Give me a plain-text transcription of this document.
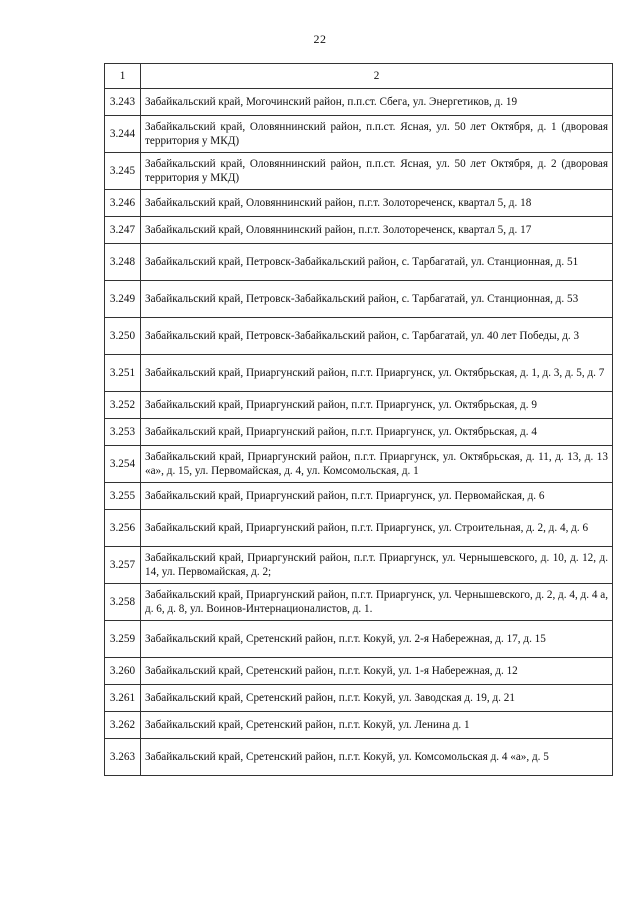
22
1	2
3.243	Забайкальский край, Могочинский район, п.п.ст. Сбега, ул. Энергетиков, д. 19
3.244	Забайкальский край, Оловяннинский район, п.п.ст. Ясная, ул. 50 лет Октября, д. 1 (дворовая территория у МКД)
3.245	Забайкальский край, Оловяннинский район, п.п.ст. Ясная, ул. 50 лет Октября, д. 2 (дворовая территория у МКД)
3.246	Забайкальский край, Оловяннинский район, п.г.т. Золотореченск, квартал 5, д. 18
3.247	Забайкальский край, Оловяннинский район, п.г.т. Золотореченск, квартал 5, д. 17
3.248	Забайкальский край, Петровск-Забайкальский район, с. Тарбагатай, ул. Станционная, д. 51
3.249	Забайкальский край, Петровск-Забайкальский район, с. Тарбагатай, ул. Станционная, д. 53
3.250	Забайкальский край, Петровск-Забайкальский район, с. Тарбагатай, ул. 40 лет Победы, д. 3
3.251	Забайкальский край, Приаргунский район, п.г.т. Приаргунск, ул. Октябрьская, д. 1, д. 3, д. 5, д. 7
3.252	Забайкальский край, Приаргунский район, п.г.т. Приаргунск, ул. Октябрьская, д. 9
3.253	Забайкальский край, Приаргунский район, п.г.т. Приаргунск, ул. Октябрьская, д. 4
3.254	Забайкальский край, Приаргунский район, п.г.т. Приаргунск, ул. Октябрьская, д. 11, д. 13, д. 13 «а», д. 15, ул. Первомайская, д. 4, ул. Комсомольская, д. 1
3.255	Забайкальский край, Приаргунский район, п.г.т. Приаргунск, ул. Первомайская, д. 6
3.256	Забайкальский край, Приаргунский район, п.г.т. Приаргунск, ул. Строительная, д. 2, д. 4, д. 6
3.257	Забайкальский край, Приаргунский район, п.г.т. Приаргунск, ул. Чернышевского, д. 10, д. 12, д. 14, ул. Первомайская, д. 2;
3.258	Забайкальский край, Приаргунский район, п.г.т. Приаргунск, ул. Чернышевского, д. 2, д. 4, д. 4 а, д. 6, д. 8, ул. Воинов-Интернационалистов, д. 1.
3.259	Забайкальский край, Сретенский район, п.г.т. Кокуй, ул. 2-я Набережная, д. 17, д. 15
3.260	Забайкальский край, Сретенский район, п.г.т. Кокуй, ул. 1-я Набережная, д. 12
3.261	Забайкальский край, Сретенский район, п.г.т. Кокуй, ул. Заводская д. 19, д. 21
3.262	Забайкальский край, Сретенский район, п.г.т. Кокуй, ул. Ленина д. 1
3.263	Забайкальский край, Сретенский район, п.г.т. Кокуй, ул. Комсомольская д. 4 «а», д. 5
